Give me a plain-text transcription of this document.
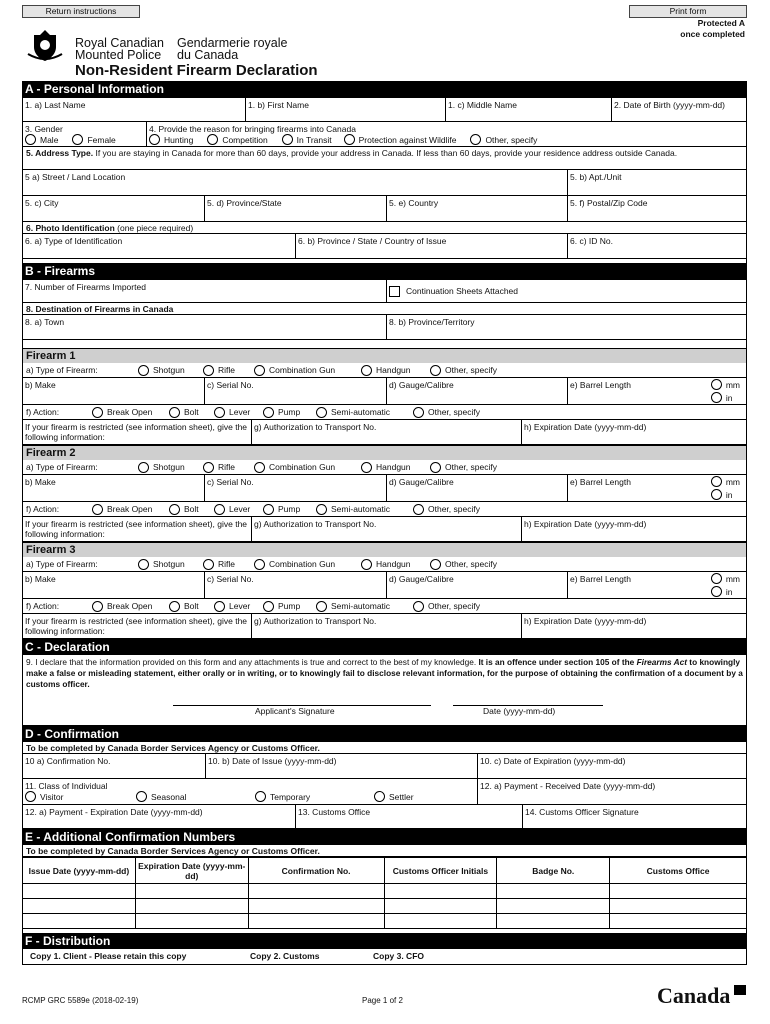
Return instructions	Print form
Protected A
once completed
Royal Canadian
Mounted Police
Gendarmerie royale
du Canada
Non-Resident Firearm Declaration
A - Personal Information
1. a) Last Name	1. b) First Name	1. c) Middle Name	2. Date of Birth (yyyy-mm-dd)
3. Gender
Male	Female
4. Provide the reason for bringing firearms into Canada
Hunting	Competition	In Transit	Protection against Wildlife	Other, specify
5. Address Type. If you are staying in Canada for more than 60 days, provide your address in Canada. If less than 60 days, provide your residence address outside Canada.
5 a) Street / Land Location	5. b) Apt./Unit
5. c) City	5. d) Province/State	5. e) Country	5. f) Postal/Zip Code
6. Photo Identification (one piece required)
6. a) Type of Identification	6. b) Province / State / Country of Issue	6. c) ID No.
B - Firearms
7. Number of Firearms Imported	Continuation Sheets Attached
8. Destination of Firearms in Canada
8. a) Town	8. b) Province/Territory
Firearm 1
a) Type of Firearm:	Shotgun	Rifle	Combination Gun	Handgun	Other, specify
b) Make	c) Serial No.	d) Gauge/Calibre	e) Barrel Length	mm
in
f) Action:	Break Open	Bolt	Lever	Pump	Semi-automatic	Other, specify
If your firearm is restricted (see information sheet), give the following information:
g) Authorization to Transport No.	h) Expiration Date (yyyy-mm-dd)
Firearm 2
a) Type of Firearm:	Shotgun	Rifle	Combination Gun	Handgun	Other, specify
b) Make	c) Serial No.	d) Gauge/Calibre	e) Barrel Length	mm
in
f) Action:	Break Open	Bolt	Lever	Pump	Semi-automatic	Other, specify
If your firearm is restricted (see information sheet), give the following information:
g) Authorization to Transport No.	h) Expiration Date (yyyy-mm-dd)
Firearm 3
a) Type of Firearm:	Shotgun	Rifle	Combination Gun	Handgun	Other, specify
b) Make	c) Serial No.	d) Gauge/Calibre	e) Barrel Length	mm
in
f) Action:	Break Open	Bolt	Lever	Pump	Semi-automatic	Other, specify
If your firearm is restricted (see information sheet), give the following information:
g) Authorization to Transport No.	h) Expiration Date (yyyy-mm-dd)
C - Declaration
9. I declare that the information provided on this form and any attachments is true and correct to the best of my knowledge. It is an offence under section 105 of the Firearms Act to knowingly make a false or misleading statement, either orally or in writing, or to knowingly fail to disclose relevant information, for the purpose of obtaining the confirmation of a document by a customs officer.
Applicant's Signature	Date (yyyy-mm-dd)
D - Confirmation
To be completed by Canada Border Services Agency or Customs Officer.
10 a) Confirmation No.	10. b) Date of Issue (yyyy-mm-dd)	10. c) Date of Expiration (yyyy-mm-dd)
11. Class of Individual
Visitor	Seasonal	Temporary	Settler
12. a) Payment - Received Date (yyyy-mm-dd)
12. a) Payment - Expiration Date (yyyy-mm-dd)	13. Customs Office	14. Customs Officer Signature
E - Additional Confirmation Numbers
To be completed by Canada Border Services Agency or Customs Officer.
Issue Date (yyyy-mm-dd)	Expiration Date (yyyy-mm-dd)	Confirmation No.	Customs Officer Initials	Badge No.	Customs Office

F - Distribution
Copy 1. Client - Please retain this copy	Copy 2. Customs	Copy 3. CFO
RCMP GRC 5589e (2018-02-19)	Page 1 of 2	Canada
